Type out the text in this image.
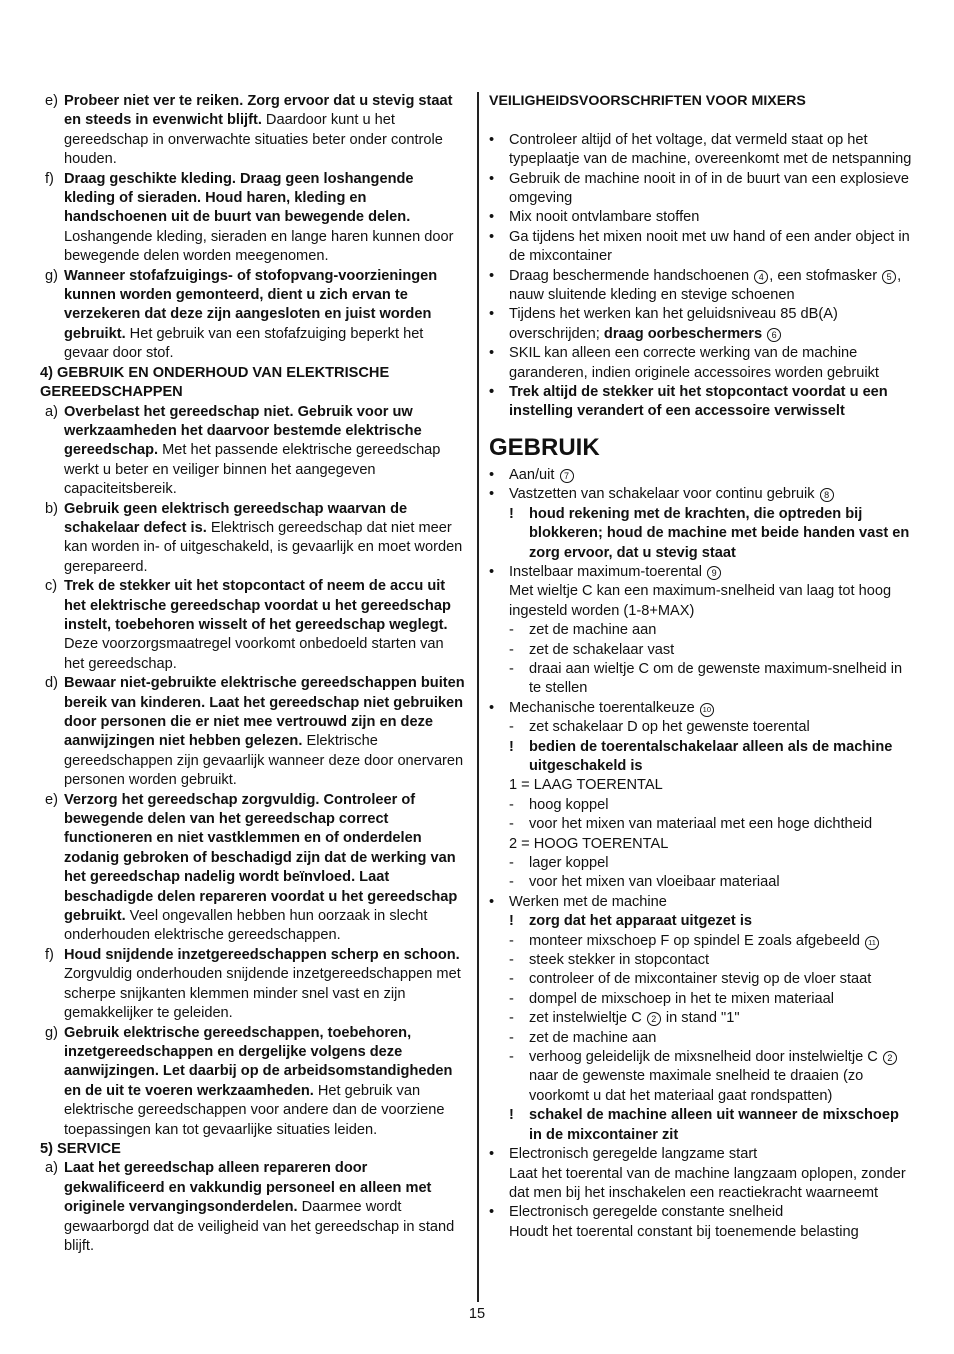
e) Probeer niet ver te reiken. Zorg ervoor dat u stevig staat en steeds in evenwicht blijft. Daardoor kunt u het gereedschap in onverwachte situaties beter onder controle houden.
f) Draag geschikte kleding. Draag geen loshangende kleding of sieraden. Houd haren, kleding en handschoenen uit de buurt van bewegende delen. Loshangende kleding, sieraden en lange haren kunnen door bewegende delen worden meegenomen.
g) Wanneer stofafzuigings- of stofopvang-voorzieningen kunnen worden gemonteerd, dient u zich ervan te verzekeren dat deze zijn aangesloten en juist worden gebruikt. Het gebruik van een stofafzuiging beperkt het gevaar door stof.
4) GEBRUIK EN ONDERHOUD VAN ELEKTRISCHE GEREEDSCHAPPEN
a) Overbelast het gereedschap niet. Gebruik voor uw werkzaamheden het daarvoor bestemde elektrische gereedschap. Met het passende elektrische gereedschap werkt u beter en veiliger binnen het aangegeven capaciteitsbereik.
b) Gebruik geen elektrisch gereedschap waarvan de schakelaar defect is. Elektrisch gereedschap dat niet meer kan worden in- of uitgeschakeld, is gevaarlijk en moet worden gerepareerd.
c) Trek de stekker uit het stopcontact of neem de accu uit het elektrische gereedschap voordat u het gereedschap instelt, toebehoren wisselt of het gereedschap weglegt. Deze voorzorgsmaatregel voorkomt onbedoeld starten van het gereedschap.
d) Bewaar niet-gebruikte elektrische gereedschappen buiten bereik van kinderen. Laat het gereedschap niet gebruiken door personen die er niet mee vertrouwd zijn en deze aanwijzingen niet hebben gelezen. Elektrische gereedschappen zijn gevaarlijk wanneer deze door onervaren personen worden gebruikt.
e) Verzorg het gereedschap zorgvuldig. Controleer of bewegende delen van het gereedschap correct functioneren en niet vastklemmen en of onderdelen zodanig gebroken of beschadigd zijn dat de werking van het gereedschap nadelig wordt beïnvloed. Laat beschadigde delen repareren voordat u het gereedschap gebruikt. Veel ongevallen hebben hun oorzaak in slecht onderhouden elektrische gereedschappen.
f) Houd snijdende inzetgereedschappen scherp en schoon. Zorgvuldig onderhouden snijdende inzetgereedschappen met scherpe snijkanten klemmen minder snel vast en zijn gemakkelijker te geleiden.
g) Gebruik elektrische gereedschappen, toebehoren, inzetgereedschappen en dergelijke volgens deze aanwijzingen. Let daarbij op de arbeidsomstandigheden en de uit te voeren werkzaamheden. Het gebruik van elektrische gereedschappen voor andere dan de voorziene toepassingen kan tot gevaarlijke situaties leiden.
5) SERVICE
a) Laat het gereedschap alleen repareren door gekwalificeerd en vakkundig personeel en alleen met originele vervangingsonderdelen. Daarmee wordt gewaarborgd dat de veiligheid van het gereedschap in stand blijft.
VEILIGHEIDSVOORSCHRIFTEN VOOR MIXERS
• Controleer altijd of het voltage, dat vermeld staat op het typeplaatje van de machine, overeenkomt met de netspanning
• Gebruik de machine nooit in of in de buurt van een explosieve omgeving
• Mix nooit ontvlambare stoffen
• Ga tijdens het mixen nooit met uw hand of een ander object in de mixcontainer
• Draag beschermende handschoenen 4 , een stofmasker 5 , nauw sluitende kleding en stevige schoenen
• Tijdens het werken kan het geluidsniveau 85 dB(A) overschrijden; draag oorbeschermers 6
• SKIL kan alleen een correcte werking van de machine garanderen, indien originele accessoires worden gebruikt
• Trek altijd de stekker uit het stopcontact voordat u een instelling verandert of een accessoire verwisselt
GEBRUIK
• Aan/uit 7
• Vastzetten van schakelaar voor continu gebruik 8
! houd rekening met de krachten, die optreden bij blokkeren; houd de machine met beide handen vast en zorg ervoor, dat u stevig staat
• Instelbaar maximum-toerental 9
Met wieltje C kan een maximum-snelheid van laag tot hoog ingesteld worden (1-8+MAX)
- zet de machine aan
- zet de schakelaar vast
- draai aan wieltje C om de gewenste maximum-snelheid in te stellen
• Mechanische toerentalkeuze 10
- zet schakelaar D op het gewenste toerental
! bedien de toerentalschakelaar alleen als de machine uitgeschakeld is
1 = LAAG TOERENTAL
- hoog koppel
- voor het mixen van materiaal met een hoge dichtheid
2 = HOOG TOERENTAL
- lager koppel
- voor het mixen van vloeibaar materiaal
• Werken met de machine
! zorg dat het apparaat uitgezet is
- monteer mixschoep F op spindel E zoals afgebeeld 11
- steek stekker in stopcontact
- controleer of de mixcontainer stevig op de vloer staat
- dompel de mixschoep in het te mixen materiaal
- zet instelwieltje C 2 in stand "1"
- zet de machine aan
- verhoog geleidelijk de mixsnelheid door instelwieltje C 2 naar de gewenste maximale snelheid te draaien (zo voorkomt u dat het materiaal gaat rondspatten)
! schakel de machine alleen uit wanneer de mixschoep in de mixcontainer zit
• Electronisch geregelde langzame start
Laat het toerental van de machine langzaam oplopen, zonder dat men bij het inschakelen een reactiekracht waarneemt
• Electronisch geregelde constante snelheid
Houdt het toerental constant bij toenemende belasting
15
